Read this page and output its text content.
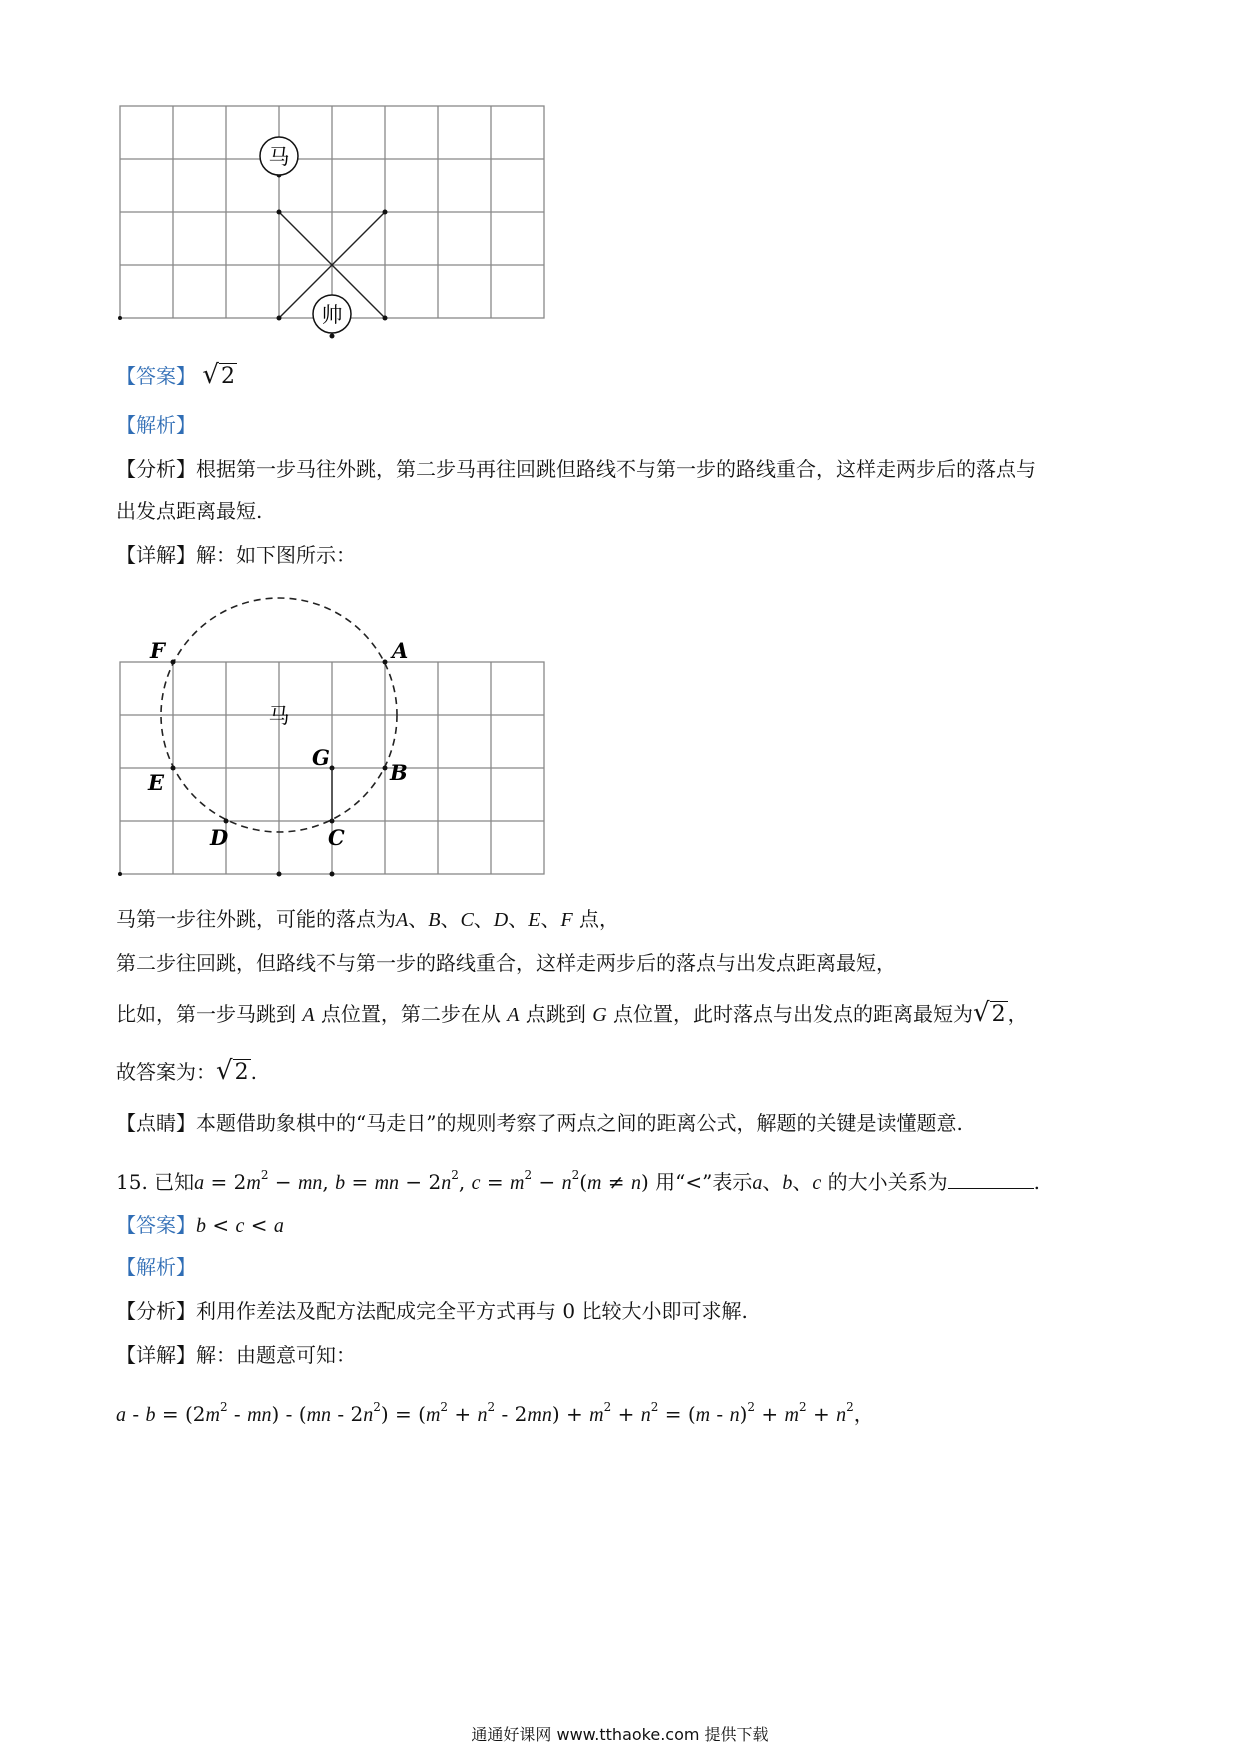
马
帅
【答案】 √2
【解析】
【分析】根据第一步马往外跳，第二步马再往回跳但路线不与第一步的路线重合，这样走两步后的落点与
出发点距离最短.
【详解】解：如下图所示：
马
F	A
G
B
E
D	C
马第一步往外跳，可能的落点为A、B、C、D、E、F 点，
第二步往回跳，但路线不与第一步的路线重合，这样走两步后的落点与出发点距离最短，
比如，第一步马跳到 A 点位置，第二步在从 A 点跳到 G 点位置，此时落点与出发点的距离最短为√2 ，
故答案为：√2 .
【点睛】本题借助象棋中的“马走日”的规则考察了两点之间的距离公式，解题的关键是读懂题意.
15. 已知$a = 2m^2$ − mn, b = mn − $2n^2$, $c = m^2 - n^2(m \ne n)$ 用“<”表示a、b、c 的大小关系为	.
【答案】b < c < a
【解析】
【分析】利用作差法及配方法配成完全平方式再与 0 比较大小即可求解.
【详解】解：由题意可知：
$a - b = (2m^2 - mn) - (mn - 2n^2) = (m^2 + n^2 - 2mn) + m^2 + n^2 = (m - n)^2 + m^2 + n^2$，
通通好课网 www.tthaoke.com 提供下载
